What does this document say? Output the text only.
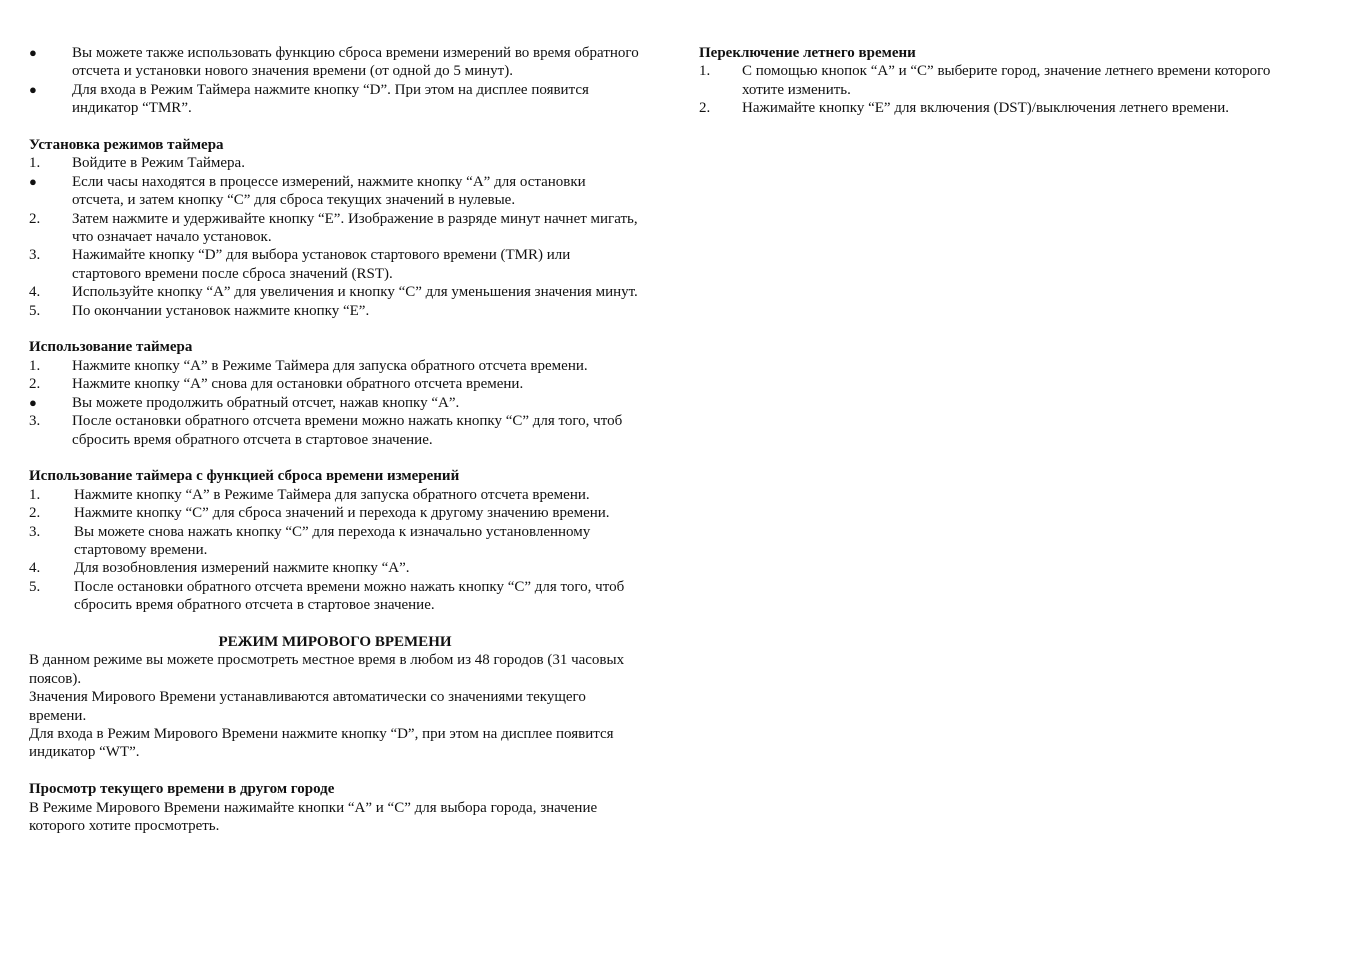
●	Вы можете также использовать функцию сброса времени измерений во время обратного отсчета и установки нового значения времени (от одной до 5 минут).
●	Для входа в Режим Таймера нажмите кнопку “D”. При этом на дисплее появится индикатор “TMR”.

Установка режимов таймера

1.	Войдите в Режим Таймера.
●	Если часы находятся в процессе измерений, нажмите кнопку “A” для остановки отсчета, и затем кнопку “C” для сброса текущих значений в нулевые.
2.	Затем нажмите и удерживайте кнопку “E”. Изображение в разряде минут начнет мигать, что означает начало установок.
3.	Нажимайте кнопку “D” для выбора установок стартового времени (TMR) или стартового времени после сброса значений (RST).
4.	Используйте кнопку “A” для увеличения и кнопку “C” для уменьшения значения минут.
5.	По окончании установок нажмите кнопку “E”.

Использование таймера

1.	Нажмите кнопку “A” в Режиме Таймера для запуска обратного отсчета времени.
2.	Нажмите кнопку “A” снова для остановки обратного отсчета времени.
●	Вы можете продолжить обратный отсчет, нажав кнопку “A”.
3.	После остановки обратного отсчета времени можно нажать кнопку “C” для того, чтоб сбросить время обратного отсчета в стартовое значение.

Использование таймера с функцией сброса времени измерений

1.	Нажмите кнопку “A” в Режиме Таймера для запуска обратного отсчета времени.
2.	Нажмите кнопку “C” для сброса значений и перехода к другому значению времени.
3.	Вы можете снова нажать кнопку “C” для перехода к изначально установленному стартовому времени.
4.	Для возобновления измерений нажмите кнопку “A”.
5.	После остановки обратного отсчета времени можно нажать кнопку “C” для того, чтоб сбросить время обратного отсчета в стартовое значение.

РЕЖИМ МИРОВОГО ВРЕМЕНИ

В данном режиме вы можете просмотреть местное время в любом из 48 городов (31 часовых поясов).

Значения Мирового Времени устанавливаются автоматически со значениями текущего времени.

Для входа в Режим Мирового Времени нажмите кнопку “D”, при этом на дисплее появится индикатор “WT”.

Просмотр текущего времени в другом городе

В Режиме Мирового Времени нажимайте кнопки “A” и “C” для выбора города, значение которого хотите просмотреть.

Переключение летнего времени

1.	С помощью кнопок “A” и “C” выберите город, значение летнего времени которого хотите изменить.
2.	Нажимайте кнопку “E” для включения (DST)/выключения летнего времени.
